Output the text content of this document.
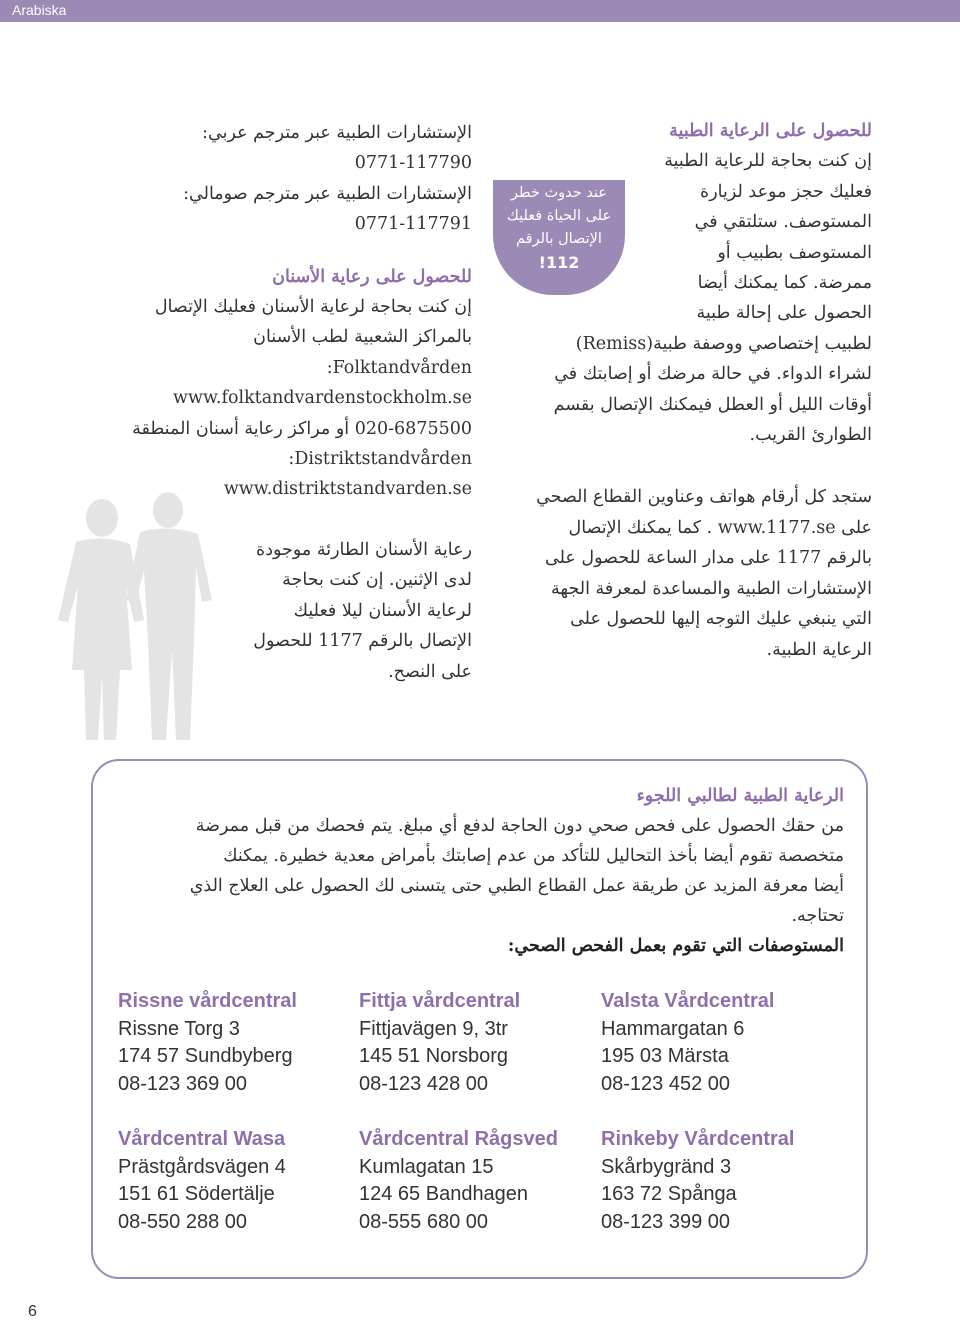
Arabiska

للحصول على الرعاية الطبية

إن كنت بحاجة للرعاية الطبية
فعليك حجز موعد لزيارة
المستوصف. ستلتقي في
المستوصف بطبيب أو
ممرضة. كما يمكنك أيضا
الحصول على إحالة طبية

(Remiss)لطبيب إختصاصي ووصفة طبية

لشراء الدواء. في حالة مرضك أو إصابتك في

أوقات الليل أو العطل فيمكنك الإتصال بقسم

الطوارئ القريب.

ستجد كل أرقام هواتف وعناوين القطاع الصحي

على www.1177.se . كما يمكنك الإتصال

بالرقم 1177 على مدار الساعة للحصول على

الإستشارات الطبية والمساعدة لمعرفة الجهة

التي ينبغي عليك التوجه إليها للحصول على

الرعاية الطبية.

عند حدوث خطر
على الحياة فعليك
الإتصال بالرقم
112!

الإستشارات الطبية عبر مترجم عربي:

0771-117790

الإستشارات الطبية عبر مترجم صومالي:

0771-117791

للحصول على رعاية الأسنان

إن كنت بحاجة لرعاية الأسنان فعليك الإتصال

بالمراكز الشعبية لطب الأسنان

:Folktandvården

www.folktandvardenstockholm.se

020-6875500 أو مراكز رعاية أسنان المنطقة

:Distriktstandvården

www.distriktstandvarden.se

رعاية الأسنان الطارئة موجودة

لدى الإثنين. إن كنت بحاجة

لرعاية الأسنان ليلا فعليك

الإتصال بالرقم 1177 للحصول

على النصح.

الرعاية الطبية لطالبي اللجوء

من حقك الحصول على فحص صحي دون الحاجة لدفع أي مبلغ. يتم فحصك من قبل ممرضة

متخصصة تقوم أيضا بأخذ التحاليل للتأكد من عدم إصابتك بأمراض معدية خطيرة. يمكنك

أيضا معرفة المزيد عن طريقة عمل القطاع الطبي حتى يتسنى لك الحصول على العلاج الذي

تحتاجه.

المستوصفات التي تقوم بعمل الفحص الصحي:

Rissne vårdcentral
Rissne Torg 3
174 57 Sundbyberg
08-123 369 00
Fittja vårdcentral
Fittjavägen 9, 3tr
145 51 Norsborg
08-123 428 00
Valsta Vårdcentral
Hammargatan 6
195 03 Märsta
08-123 452 00
Vårdcentral Wasa
Prästgårdsvägen 4
151 61 Södertälje
08-550 288 00
Vårdcentral Rågsved
Kumlagatan 15
124 65 Bandhagen
08-555 680 00
Rinkeby Vårdcentral
Skårbygränd 3
163 72 Spånga
08-123 399 00
6
